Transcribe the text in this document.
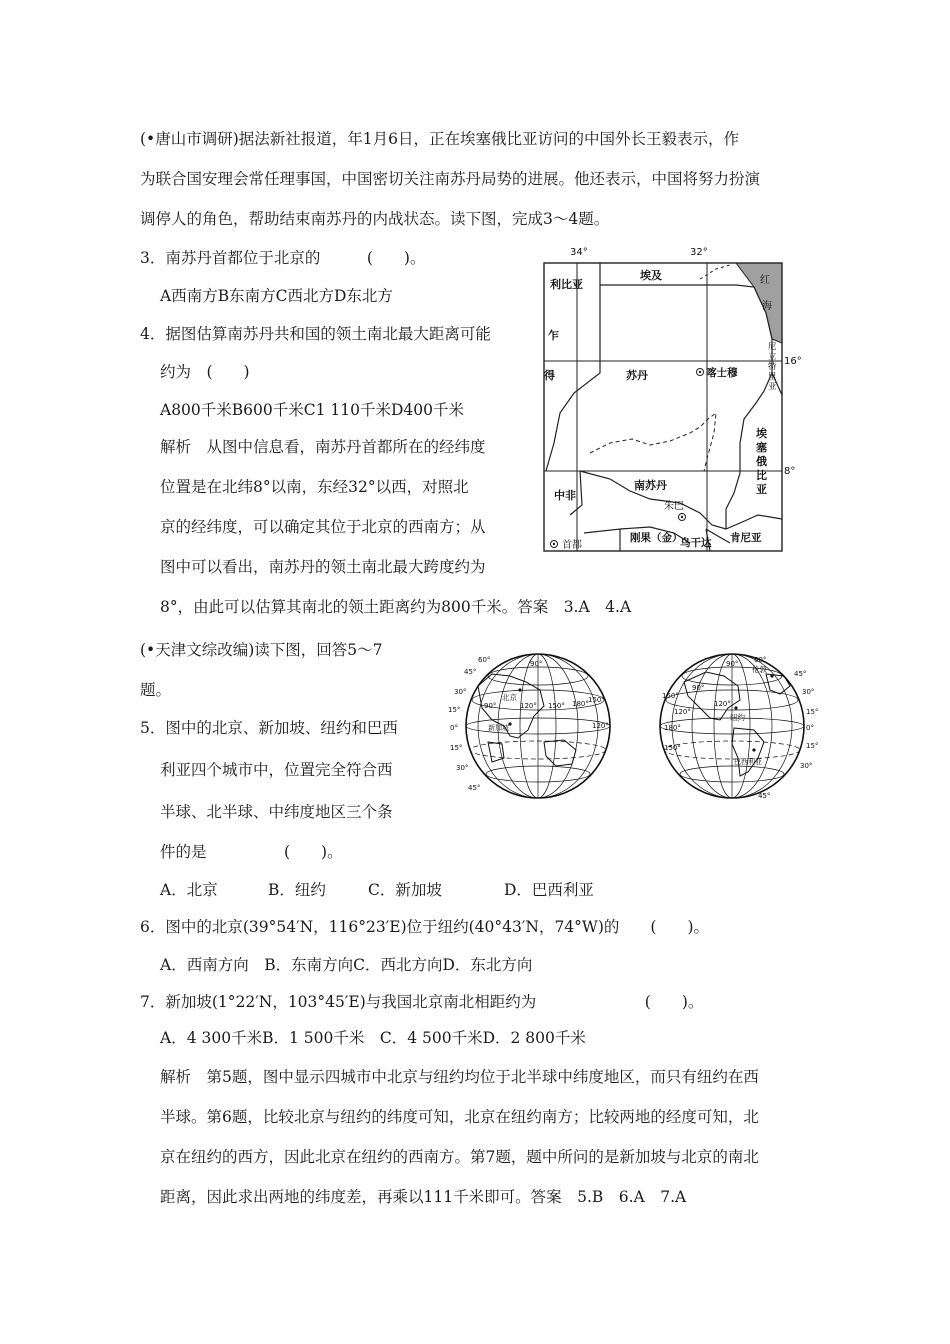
(•唐山市调研)据法新社报道，年1月6日，正在埃塞俄比亚访问的中国外长王毅表示，作
为联合国安理会常任理事国，中国密切关注南苏丹局势的进展。他还表示，中国将努力扮演
调停人的角色，帮助结束南苏丹的内战状态。读下图，完成3～4题。
3．南苏丹首都位于北京的　　　(　　)。
A西南方B东南方C西北方D东北方
4．据图估算南苏丹共和国的领土南北最大距离可能
约为　(　　)
A800千米B600千米C1 110千米D400千米
解析　从图中信息看，南苏丹首都所在的经纬度
位置是在北纬8°以南，东经32°以西，对照北
京的经纬度，可以确定其位于北京的西南方；从
图中可以看出，南苏丹的领土南北最大跨度约为
8°，由此可以估算其南北的领土距离约为800千米。答案　3.A　4.A
34°	32°
利比亚
埃及	红
海
乍
得	苏丹	喀士穆
尼
立
特
里
亚
埃
塞
俄
比
亚
中非
南苏丹
朱巴
刚果（金）
乌干达 肯尼亚
首都
16°
8°
(•天津文综改编)读下图，回答5～7
题。
5．图中的北京、新加坡、纽约和巴西
利亚四个城市中，位置完全符合西
半球、北半球、中纬度地区三个条
件的是　　　　　(　　)。
A．北京	B．纽约	C．新加坡	D．巴西利亚
6．图中的北京(39°54′N，116°23′E)位于纽约(40°43′N，74°W)的　　(　　)。
A．西南方向　B．东南方向C．西北方向D．东北方向
7．新加坡(1°22′N，103°45′E)与我国北京南北相距约为　　　　　　　(　　)。
A．4 300千米B．1 500千米　C．4 500千米D．2 800千米
解析　第5题，图中显示四城市中北京与纽约均位于北半球中纬度地区，而只有纽约在西
半球。第6题，比较北京与纽约的纬度可知，北京在纽约南方；比较两地的经度可知，北
京在纽约的西方，因此北京在纽约的西南方。第7题，题中所问的是新加坡与北京的南北
距离，因此求出两地的纬度差，再乘以111千米即可。答案　5.B　6.A　7.A
60°
45°
30°
15°
0°
15°
30°
45°
90°
120° 150° 180° 150°
120°
90°
北京
新加坡
60°
45°
30°
15°
0°
15°
30°
45°
90°
120°
150°
180°
150°
120°
90°
伦敦
纽约
巴西利亚
